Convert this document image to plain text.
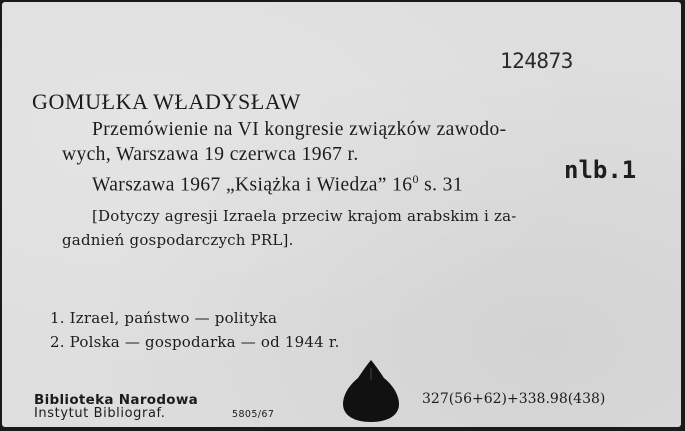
124873
GOMUŁKA WŁADYSŁAW
Przemówienie na VI kongresie związków zawodo-
wych, Warszawa 19 czerwca 1967 r.
Warszawa 1967 „Książka i Wiedza” $16^0$ s. 31
nlb.1
[Dotyczy agresji Izraela przeciw krajom arabskim i za-
gadnień gospodarczych PRL].
1. Izrael, państwo — polityka
2. Polska — gospodarka — od 1944 r.
Biblioteka Narodowa
Instytut Bibliograf.	5805/67
327(56+62)+338.98(438)
